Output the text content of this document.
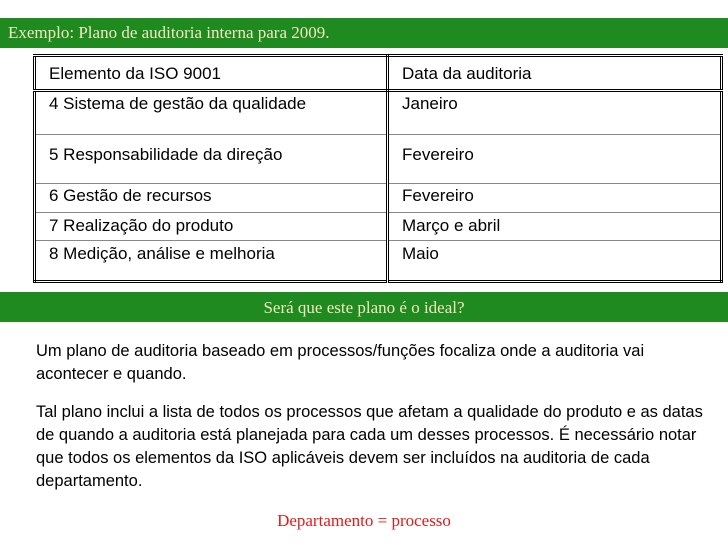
Exemplo: Plano de auditoria interna para 2009.
Elemento da ISO 9001	Data da auditoria
4 Sistema de gestão da qualidade	Janeiro
5 Responsabilidade da direção	Fevereiro
6 Gestão de recursos	Fevereiro
7 Realização do produto	Março e abril
8 Medição, análise e melhoria	Maio
Será que este plano é o ideal?
Um plano de auditoria baseado em processos/funções focaliza onde a auditoria vai acontecer e quando.
Tal plano inclui a lista de todos os processos que afetam a qualidade do produto e as datas de quando a auditoria está planejada para cada um desses processos. É necessário notar que todos os elementos da ISO aplicáveis devem ser incluídos na auditoria de cada departamento.
Departamento = processo
